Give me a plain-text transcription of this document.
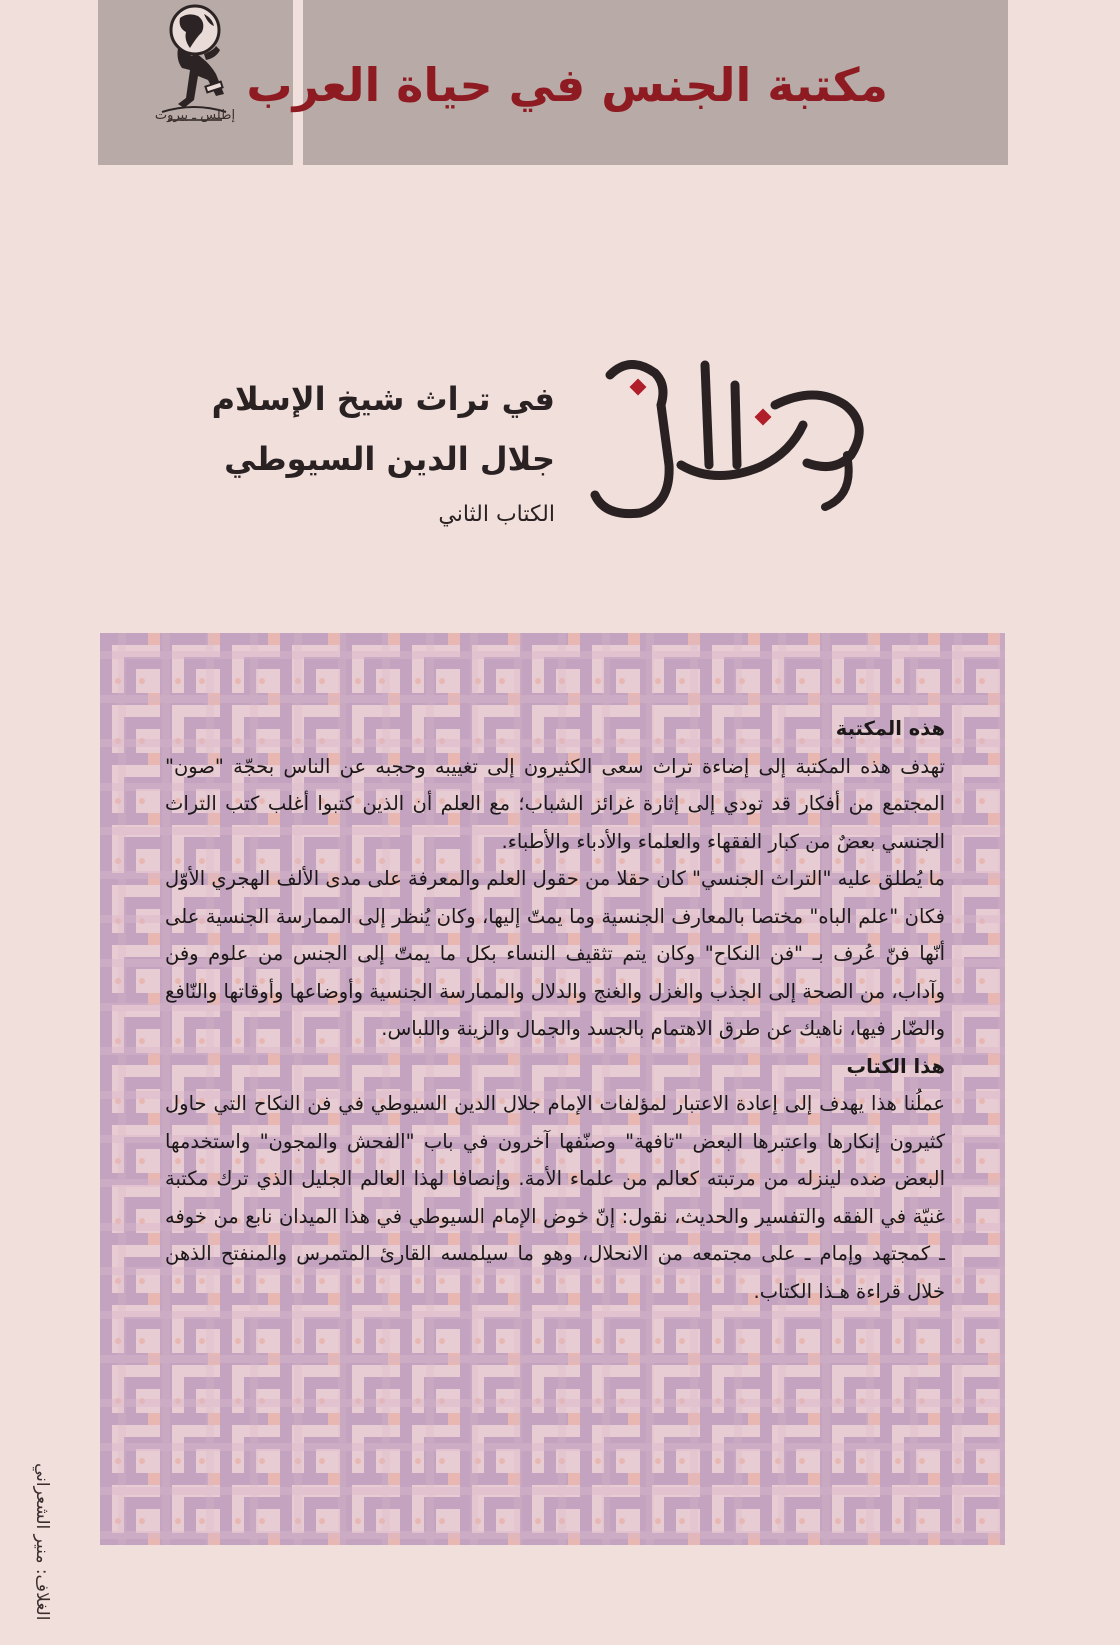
إطلس ـ بيروت
مكتبة الجنس في حياة العرب
في تراث شيخ الإسلام
جلال الدين السيوطي
الكتاب الثاني
هذه المكتبة

تهدف هذه المكتبة إلى إضاءة تراث سعى الكثيرون إلى تغييبه وحجبه عن الناس بحجّة "صون" المجتمع من أفكار قد تودي إلى إثارة غرائز الشباب؛ مع العلم أن الذين كتبوا أغلب كتب التراث الجنسي بعضٌ من كبار الفقهاء والعلماء والأدباء والأطباء.

ما يُطلق عليه "التراث الجنسي" كان حقلا من حقول العلم والمعرفة على مدى الألف الهجري الأوّل فكان "علم الباه" مختصا بالمعارف الجنسية وما يمتّ إليها، وكان يُنظر إلى الممارسة الجنسية على أنّها فنّ عُرف بـ "فن النكاح" وكان يتم تثقيف النساء بكل ما يمتّ إلى الجنس من علوم وفن وآداب، من الصحة إلى الجذب والغزل والغنج والدلال والممارسة الجنسية وأوضاعها وأوقاتها والنّافع والضّار فيها، ناهيك عن طرق الاهتمام بالجسد والجمال والزينة واللباس.

هذا الكتاب

عملُنا هذا يهدف إلى إعادة الاعتبار لمؤلفات الإمام جلال الدين السيوطي في فن النكاح التي حاول كثيرون إنكارها واعتبرها البعض "تافهة" وصنّفها آخرون في باب "الفحش والمجون" واستخدمها البعض ضده لينزله من مرتبته كعالم من علماء الأمة. وإنصافا لهذا العالم الجليل الذي ترك مكتبة غنيّة في الفقه والتفسير والحديث، نقول: إنّ خوض الإمام السيوطي في هذا الميدان نابع من خوفه ـ كمجتهد وإمام ـ على مجتمعه من الانحلال، وهو ما سيلمسه القارئ المتمرس والمنفتح الذهن خلال قراءة هـذا الكتاب.

الغلاف: منير الشعراني
